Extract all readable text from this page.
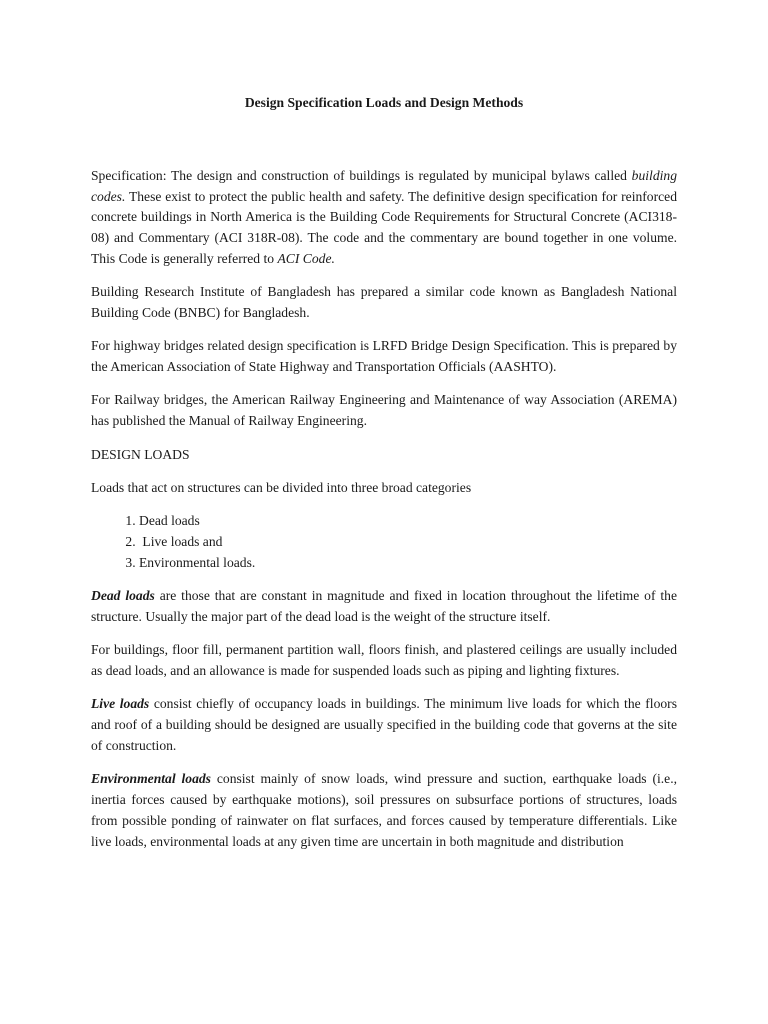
Design Specification Loads and Design Methods

Specification: The design and construction of buildings is regulated by municipal bylaws called building codes. These exist to protect the public health and safety. The definitive design specification for reinforced concrete buildings in North America is the Building Code Requirements for Structural Concrete (ACI318-08) and Commentary (ACI 318R-08). The code and the commentary are bound together in one volume. This Code is generally referred to ACI Code.

Building Research Institute of Bangladesh has prepared a similar code known as Bangladesh National Building Code (BNBC) for Bangladesh.

For highway bridges related design specification is LRFD Bridge Design Specification. This is prepared by the American Association of State Highway and Transportation Officials (AASHTO).

For Railway bridges, the American Railway Engineering and Maintenance of way Association (AREMA) has published the Manual of Railway Engineering.

DESIGN LOADS

Loads that act on structures can be divided into three broad categories

1. Dead loads
2.  Live loads and
3. Environmental loads.

Dead loads are those that are constant in magnitude and fixed in location throughout the lifetime of the structure. Usually the major part of the dead load is the weight of the structure itself.

For buildings, floor fill, permanent partition wall, floors finish, and plastered ceilings are usually included as dead loads, and an allowance is made for suspended loads such as piping and lighting fixtures.

Live loads consist chiefly of occupancy loads in buildings. The minimum live loads for which the floors and roof of a building should be designed are usually specified in the building code that governs at the site of construction.

Environmental loads consist mainly of snow loads, wind pressure and suction, earthquake loads (i.e., inertia forces caused by earthquake motions), soil pressures on subsurface portions of structures, loads from possible ponding of rainwater on flat surfaces, and forces caused by temperature differentials. Like live loads, environmental loads at any given time are uncertain in both magnitude and distribution
